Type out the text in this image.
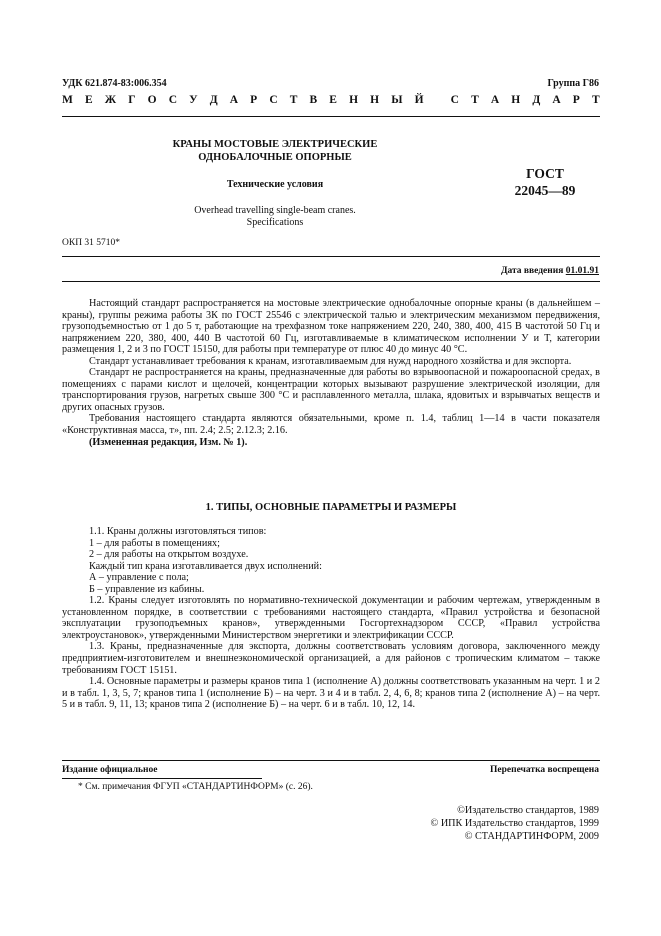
УДК 621.874-83:006.354	Группа Г86
М Е Ж Г О С У Д А Р С Т В Е Н Н Ы Й
С Т А Н Д А Р Т
КРАНЫ МОСТОВЫЕ ЭЛЕКТРИЧЕСКИЕ
ОДНОБАЛОЧНЫЕ ОПОРНЫЕ
Технические условия
Overhead travelling single-beam cranes.
Specifications
ГОСТ
22045—89
ОКП 31 5710*
Дата введения 01.01.91

Настоящий стандарт распространяется на мостовые электрические однобалочные опорные краны (в дальнейшем – краны), группы режима работы 3К по ГОСТ 25546 с электрической талью и электрическим механизмом передвижения, грузоподъемностью от 1 до 5 т, работающие на трехфазном токе напряжением 220, 240, 380, 400, 415 В частотой 50 Гц и напряжением 220, 380, 400, 440 В частотой 60 Гц, изготавливаемые в климатическом исполнении У и Т, категории размещения 1, 2 и 3 по ГОСТ 15150, для работы при температуре от плюс 40 до минус 40 °С.

Стандарт устанавливает требования к кранам, изготавливаемым для нужд народного хозяйства и для экспорта.

Стандарт не распространяется на краны, предназначенные для работы во взрывоопасной и пожароопасной средах, в помещениях с парами кислот и щелочей, концентрации которых вызывают разрушение электрической изоляции, для транспортирования грузов, нагретых свыше 300 °С и расплавленного металла, шлака, ядовитых и взрывчатых веществ и других опасных грузов.

Требования настоящего стандарта являются обязательными, кроме п. 1.4, таблиц 1—14 в части показателя «Конструктивная масса, т», пп. 2.4; 2.5; 2.12.3; 2.16.

(Измененная редакция, Изм. № 1).

1. ТИПЫ, ОСНОВНЫЕ ПАРАМЕТРЫ И РАЗМЕРЫ

1.1. Краны должны изготовляться типов:

1 – для работы в помещениях;

2 – для работы на открытом воздухе.

Каждый тип крана изготавливается двух исполнений:

А – управление с пола;

Б – управление из кабины.

1.2. Краны следует изготовлять по нормативно-технической документации и рабочим чертежам, утвержденным в установленном порядке, в соответствии с требованиями настоящего стандарта, «Правил устройства и безопасной эксплуатации грузоподъемных кранов», утвержденными Госгортехнадзором СССР, «Правил устройства электроустановок», утвержденными Министерством энергетики и электрификации СССР.

1.3. Краны, предназначенные для экспорта, должны соответствовать условиям договора, заключенного между предприятием-изготовителем и внешнеэкономической организацией, а для районов с тропическим климатом – также требованиям ГОСТ 15151.

1.4. Основные параметры и размеры кранов типа 1 (исполнение А) должны соответствовать указанным на черт. 1 и 2 и в табл. 1, 3, 5, 7; кранов типа 1 (исполнение Б) – на черт. 3 и 4 и в табл. 2, 4, 6, 8; кранов типа 2 (исполнение А) – на черт. 5 и в табл. 9, 11, 13; кранов типа 2 (исполнение Б) – на черт. 6 и в табл. 10, 12, 14.

Издание официальное	Перепечатка воспрещена
* См. примечания ФГУП «СТАНДАРТИНФОРМ» (с. 26).
©Издательство стандартов, 1989
© ИПК Издательство стандартов, 1999
© СТАНДАРТИНФОРМ, 2009
